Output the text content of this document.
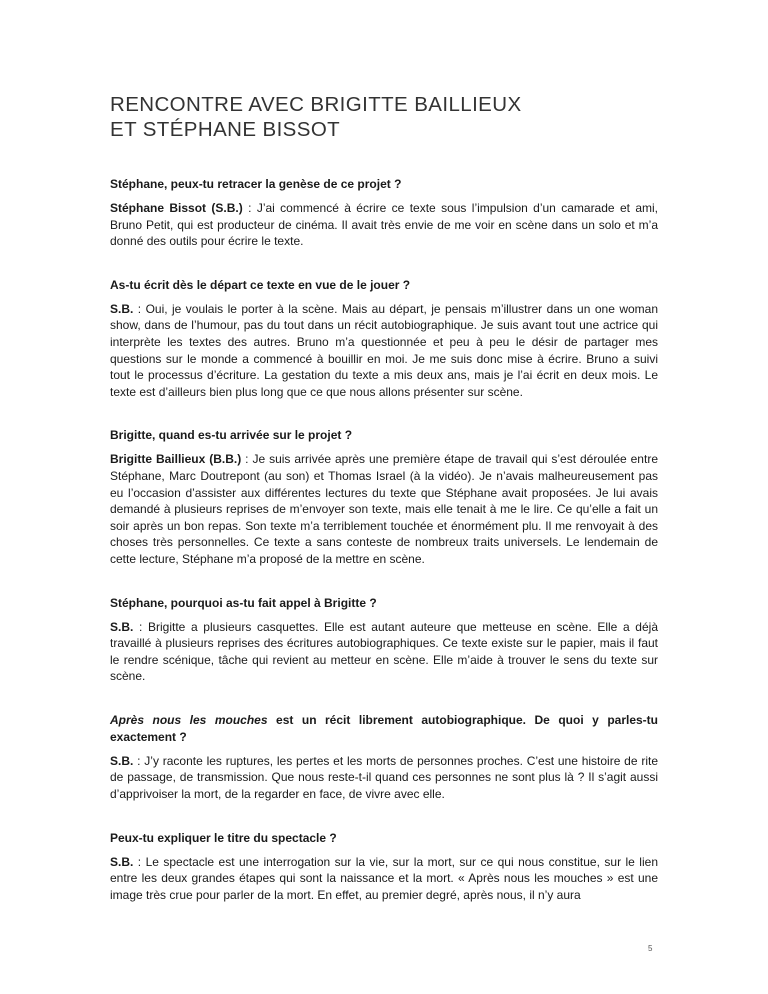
RENCONTRE AVEC BRIGITTE BAILLIEUX
ET STÉPHANE BISSOT

Stéphane, peux-tu retracer la genèse de ce projet ?

Stéphane Bissot (S.B.) : J’ai commencé à écrire ce texte sous l’impulsion d’un camarade et ami, Bruno Petit, qui est producteur de cinéma. Il avait très envie de me voir en scène dans un solo et m’a donné des outils pour écrire le texte.

As-tu écrit dès le départ ce texte en vue de le jouer ?

S.B. : Oui, je voulais le porter à la scène. Mais au départ, je pensais m’illustrer dans un one woman show, dans de l’humour, pas du tout dans un récit autobiographique. Je suis avant tout une actrice qui interprète les textes des autres. Bruno m’a questionnée et peu à peu le désir de partager mes questions sur le monde a commencé à bouillir en moi. Je me suis donc mise à écrire. Bruno a suivi tout le processus d’écriture. La gestation du texte a mis deux ans, mais je l’ai écrit en deux mois. Le texte est d’ailleurs bien plus long que ce que nous allons présenter sur scène.

Brigitte, quand es-tu arrivée sur le projet ?

Brigitte Baillieux (B.B.) : Je suis arrivée après une première étape de travail qui s’est déroulée entre Stéphane, Marc Doutrepont (au son) et Thomas Israel (à la vidéo). Je n’avais malheureusement pas eu l’occasion d’assister aux différentes lectures du texte que Stéphane avait proposées. Je lui avais demandé à plusieurs reprises de m’envoyer son texte, mais elle tenait à me le lire. Ce qu’elle a fait un soir après un bon repas. Son texte m’a terriblement touchée et énormément plu. Il me renvoyait à des choses très personnelles. Ce texte a sans conteste de nombreux traits universels. Le lendemain de cette lecture, Stéphane m’a proposé de la mettre en scène.

Stéphane, pourquoi as-tu fait appel à Brigitte ?

S.B. : Brigitte a plusieurs casquettes. Elle est autant auteure que metteuse en scène. Elle a déjà travaillé à plusieurs reprises des écritures autobiographiques. Ce texte existe sur le papier, mais il faut le rendre scénique, tâche qui revient au metteur en scène. Elle m’aide à trouver le sens du texte sur scène.

Après nous les mouches est un récit librement autobiographique. De quoi y parles-tu exactement ?

S.B. : J’y raconte les ruptures, les pertes et les morts de personnes proches. C’est une histoire de rite de passage, de transmission. Que nous reste-t-il quand ces personnes ne sont plus là ? Il s’agit aussi d’apprivoiser la mort, de la regarder en face, de vivre avec elle.

Peux-tu expliquer le titre du spectacle ?

S.B. : Le spectacle est une interrogation sur la vie, sur la mort, sur ce qui nous constitue, sur le lien entre les deux grandes étapes qui sont la naissance et la mort. « Après nous les mouches » est une image très crue pour parler de la mort. En effet, au premier degré, après nous, il n’y aura

5
